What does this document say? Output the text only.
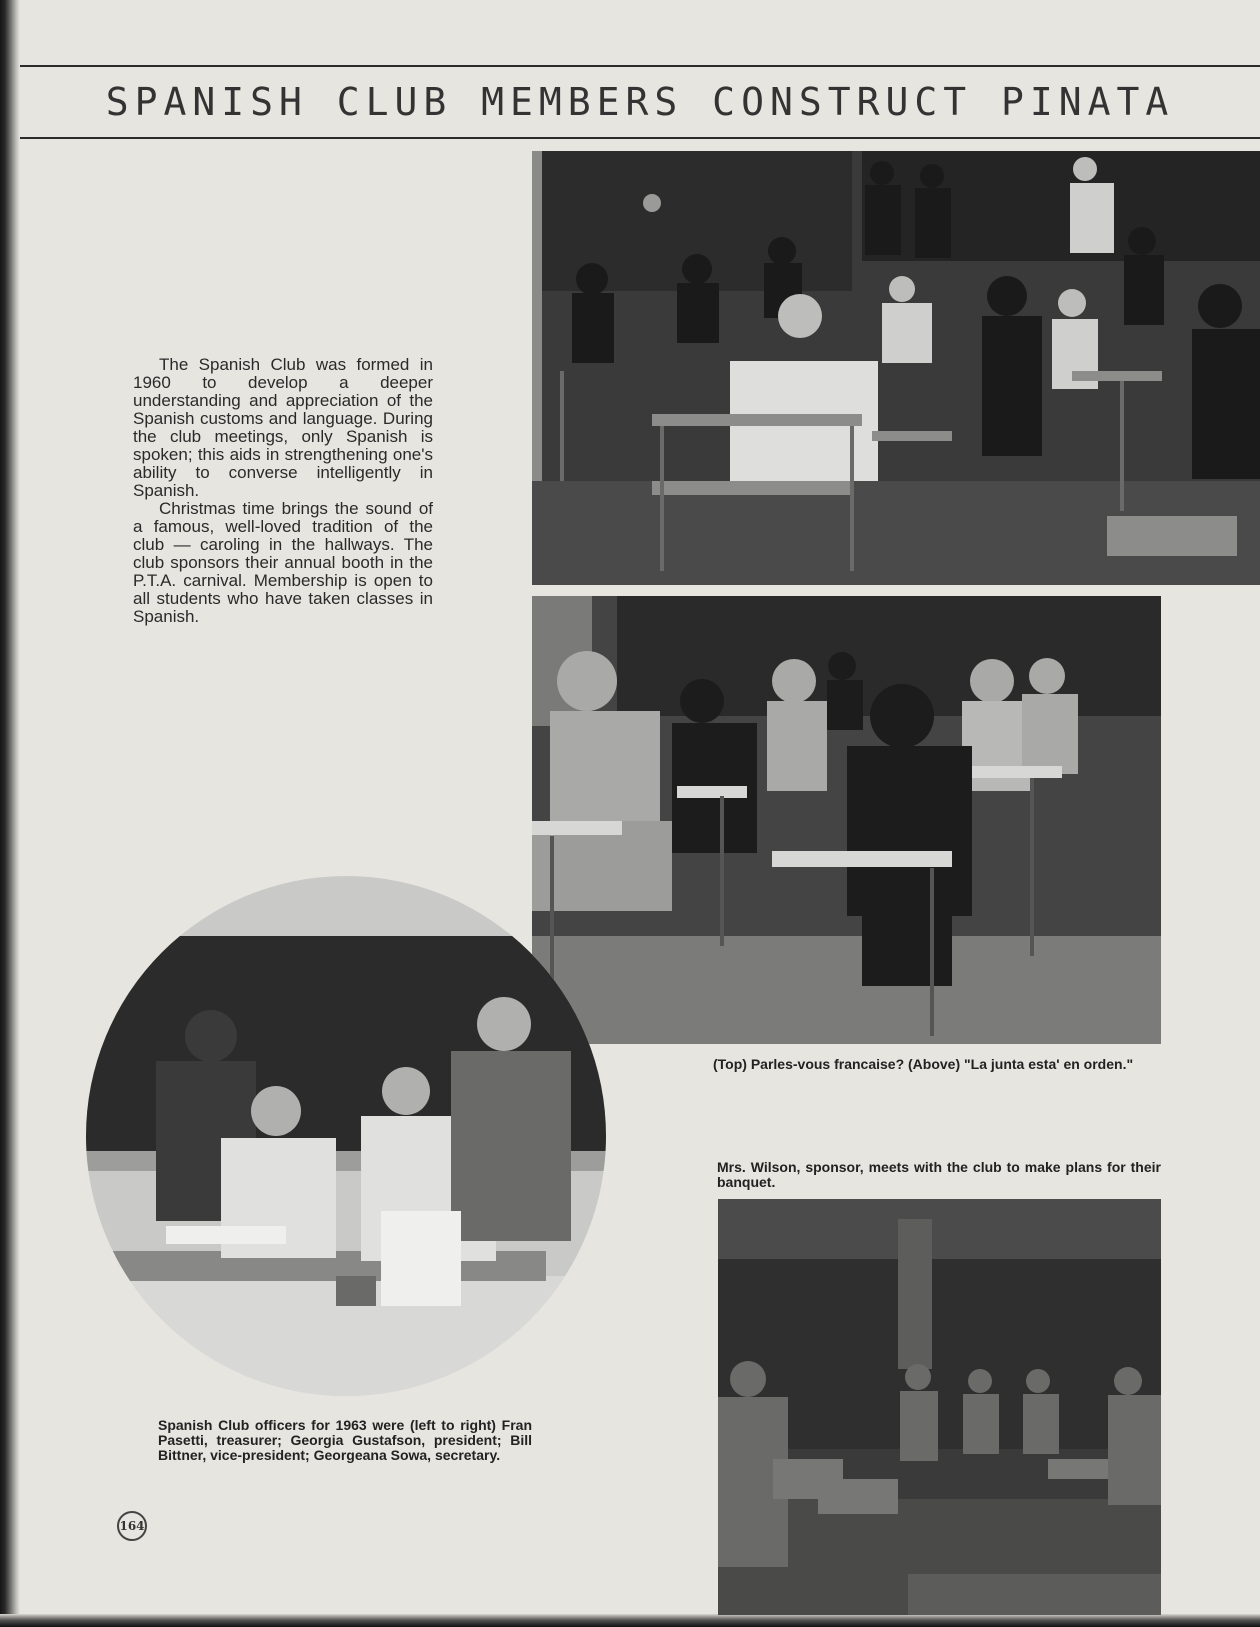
SPANISH CLUB MEMBERS CONSTRUCT PINATA

The Spanish Club was formed in 1960 to develop a deeper understanding and appreciation of the Spanish customs and language. During the club meetings, only Spanish is spoken; this aids in strengthening one's ability to converse intelligently in Spanish.

Christmas time brings the sound of a famous, well-loved tradition of the club — caroling in the hallways. The club sponsors their annual booth in the P.T.A. carnival. Membership is open to all students who have taken classes in Spanish.

(Top) Parles-vous francaise? (Above) "La junta esta' en orden."

Mrs. Wilson, sponsor, meets with the club to make plans for their banquet.

Spanish Club officers for 1963 were (left to right) Fran Pasetti, treasurer; Georgia Gustafson, president; Bill Bittner, vice-president; Georgeana Sowa, secretary.

164
